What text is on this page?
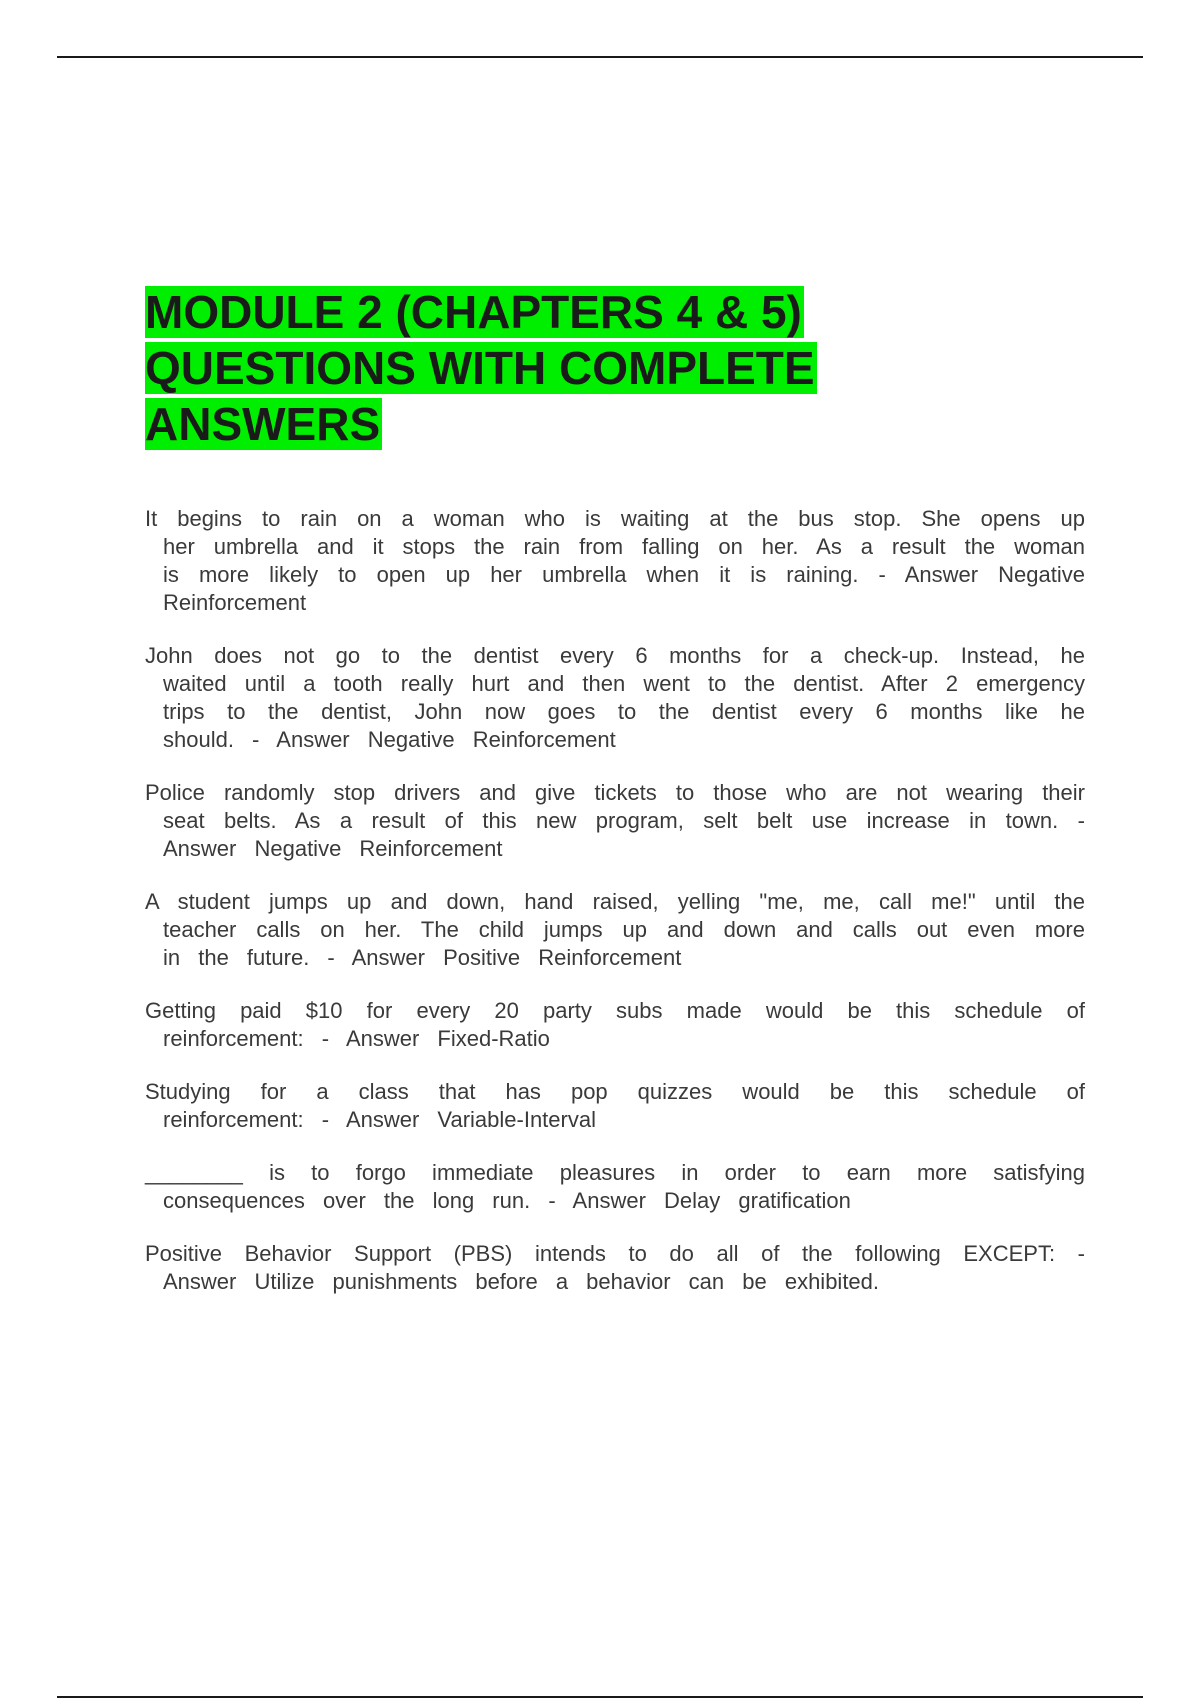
MODULE 2 (CHAPTERS 4 & 5)
QUESTIONS WITH COMPLETE
ANSWERS

It begins to rain on a woman who is waiting at the bus stop. She opens up her umbrella and it stops the rain from falling on her. As a result the woman is more likely to open up her umbrella when it is raining. - Answer Negative Reinforcement

John does not go to the dentist every 6 months for a check-up. Instead, he waited until a tooth really hurt and then went to the dentist. After 2 emergency trips to the dentist, John now goes to the dentist every 6 months like he should. - Answer Negative Reinforcement

Police randomly stop drivers and give tickets to those who are not wearing their seat belts. As a result of this new program, selt belt use increase in town. - Answer Negative Reinforcement

A student jumps up and down, hand raised, yelling "me, me, call me!" until the teacher calls on her. The child jumps up and down and calls out even more in the future. - Answer Positive Reinforcement

Getting paid $10 for every 20 party subs made would be this schedule of reinforcement: - Answer Fixed-Ratio

Studying for a class that has pop quizzes would be this schedule of reinforcement: - Answer Variable-Interval

________ is to forgo immediate pleasures in order to earn more satisfying consequences over the long run. - Answer Delay gratification

Positive Behavior Support (PBS) intends to do all of the following EXCEPT: - Answer Utilize punishments before a behavior can be exhibited.
